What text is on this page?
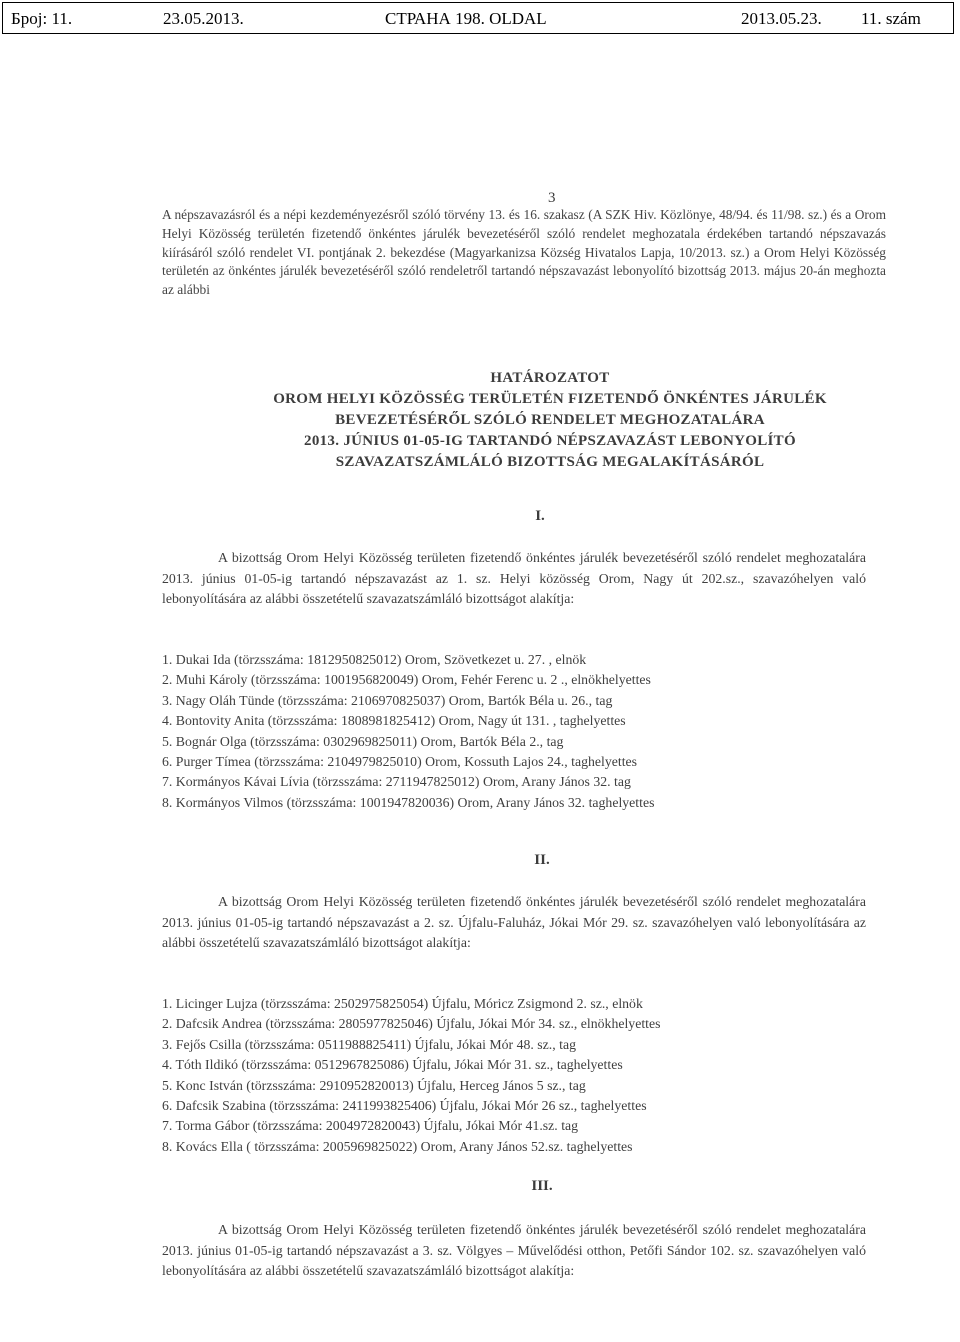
Број: 11.	23.05.2013.	СТРАНА 198. OLDAL	2013.05.23. 11. szám
3
A népszavazásról és a népi kezdeményezésről szóló törvény 13. és 16. szakasz (A SZK Hiv. Közlönye, 48/94. és 11/98. sz.) és a Orom Helyi Közösség területén fizetendő önkéntes járulék bevezetéséről szóló rendelet meghozatala érdekében tartandó népszavazás kiírásáról szóló rendelet VI. pontjának 2. bekezdése (Magyarkanizsa Község Hivatalos Lapja, 10/2013. sz.) a Orom Helyi Közösség területén az önkéntes járulék bevezetéséről szóló rendeletről tartandó népszavazást lebonyolító bizottság 2013. május 20-án meghozta az alábbi
HATÁROZATOT
OROM HELYI KÖZÖSSÉG TERÜLETÉN FIZETENDŐ ÖNKÉNTES JÁRULÉK
BEVEZETÉSÉRŐL SZÓLÓ RENDELET MEGHOZATALÁRA
2013. JÚNIUS 01-05-IG TARTANDÓ NÉPSZAVAZÁST LEBONYOLÍTÓ
SZAVAZATSZÁMLÁLÓ BIZOTTSÁG MEGALAKÍTÁSÁRÓL
I.
A bizottság Orom Helyi Közösség területen fizetendő önkéntes járulék bevezetéséről szóló rendelet meghozatalára 2013. június 01-05-ig tartandó népszavazást az 1. sz. Helyi közösség Orom, Nagy út 202.sz., szavazóhelyen való lebonyolítására az alábbi összetételű szavazatszámláló bizottságot alakítja:
1. Dukai Ida (törzsszáma: 1812950825012) Orom, Szövetkezet u. 27. , elnök
2. Muhi Károly (törzsszáma: 1001956820049) Orom, Fehér Ferenc u. 2 ., elnökhelyettes
3. Nagy Oláh Tünde (törzsszáma: 2106970825037) Orom, Bartók Béla u. 26., tag
4. Bontovity Anita (törzsszáma: 1808981825412) Orom, Nagy út 131. , taghelyettes
5. Bognár Olga (törzsszáma: 0302969825011) Orom, Bartók Béla 2., tag
6. Purger Tímea (törzsszáma: 2104979825010) Orom, Kossuth Lajos 24., taghelyettes
7. Kormányos Kávai Lívia (törzsszáma: 2711947825012) Orom, Arany János 32. tag
8. Kormányos Vilmos (törzsszáma: 1001947820036) Orom, Arany János 32. taghelyettes
II.
A bizottság Orom Helyi Közösség területen fizetendő önkéntes járulék bevezetéséről szóló rendelet meghozatalára 2013. június 01-05-ig tartandó népszavazást a 2. sz. Újfalu-Faluház, Jókai Mór 29. sz. szavazóhelyen való lebonyolítására az alábbi összetételű szavazatszámláló bizottságot alakítja:
1. Licinger Lujza (törzsszáma: 2502975825054) Újfalu, Móricz Zsigmond 2. sz., elnök
2. Dafcsik Andrea (törzsszáma: 2805977825046) Újfalu, Jókai Mór 34. sz., elnökhelyettes
3. Fejős Csilla (törzsszáma: 0511988825411) Újfalu, Jókai Mór 48. sz., tag
4. Tóth Ildikó (törzsszáma: 0512967825086) Újfalu, Jókai Mór 31. sz., taghelyettes
5. Konc István (törzsszáma: 2910952820013) Újfalu, Herceg János 5 sz., tag
6. Dafcsik Szabina (törzsszáma: 2411993825406) Újfalu, Jókai Mór 26 sz., taghelyettes
7. Torma Gábor (törzsszáma: 2004972820043) Újfalu, Jókai Mór 41.sz. tag
8. Kovács Ella ( törzsszáma: 2005969825022) Orom, Arany János 52.sz. taghelyettes
III.
A bizottság Orom Helyi Közösség területen fizetendő önkéntes járulék bevezetéséről szóló rendelet meghozatalára 2013. június 01-05-ig tartandó népszavazást a 3. sz. Völgyes – Művelődési otthon, Petőfi Sándor 102. sz. szavazóhelyen való lebonyolítására az alábbi összetételű szavazatszámláló bizottságot alakítja:
